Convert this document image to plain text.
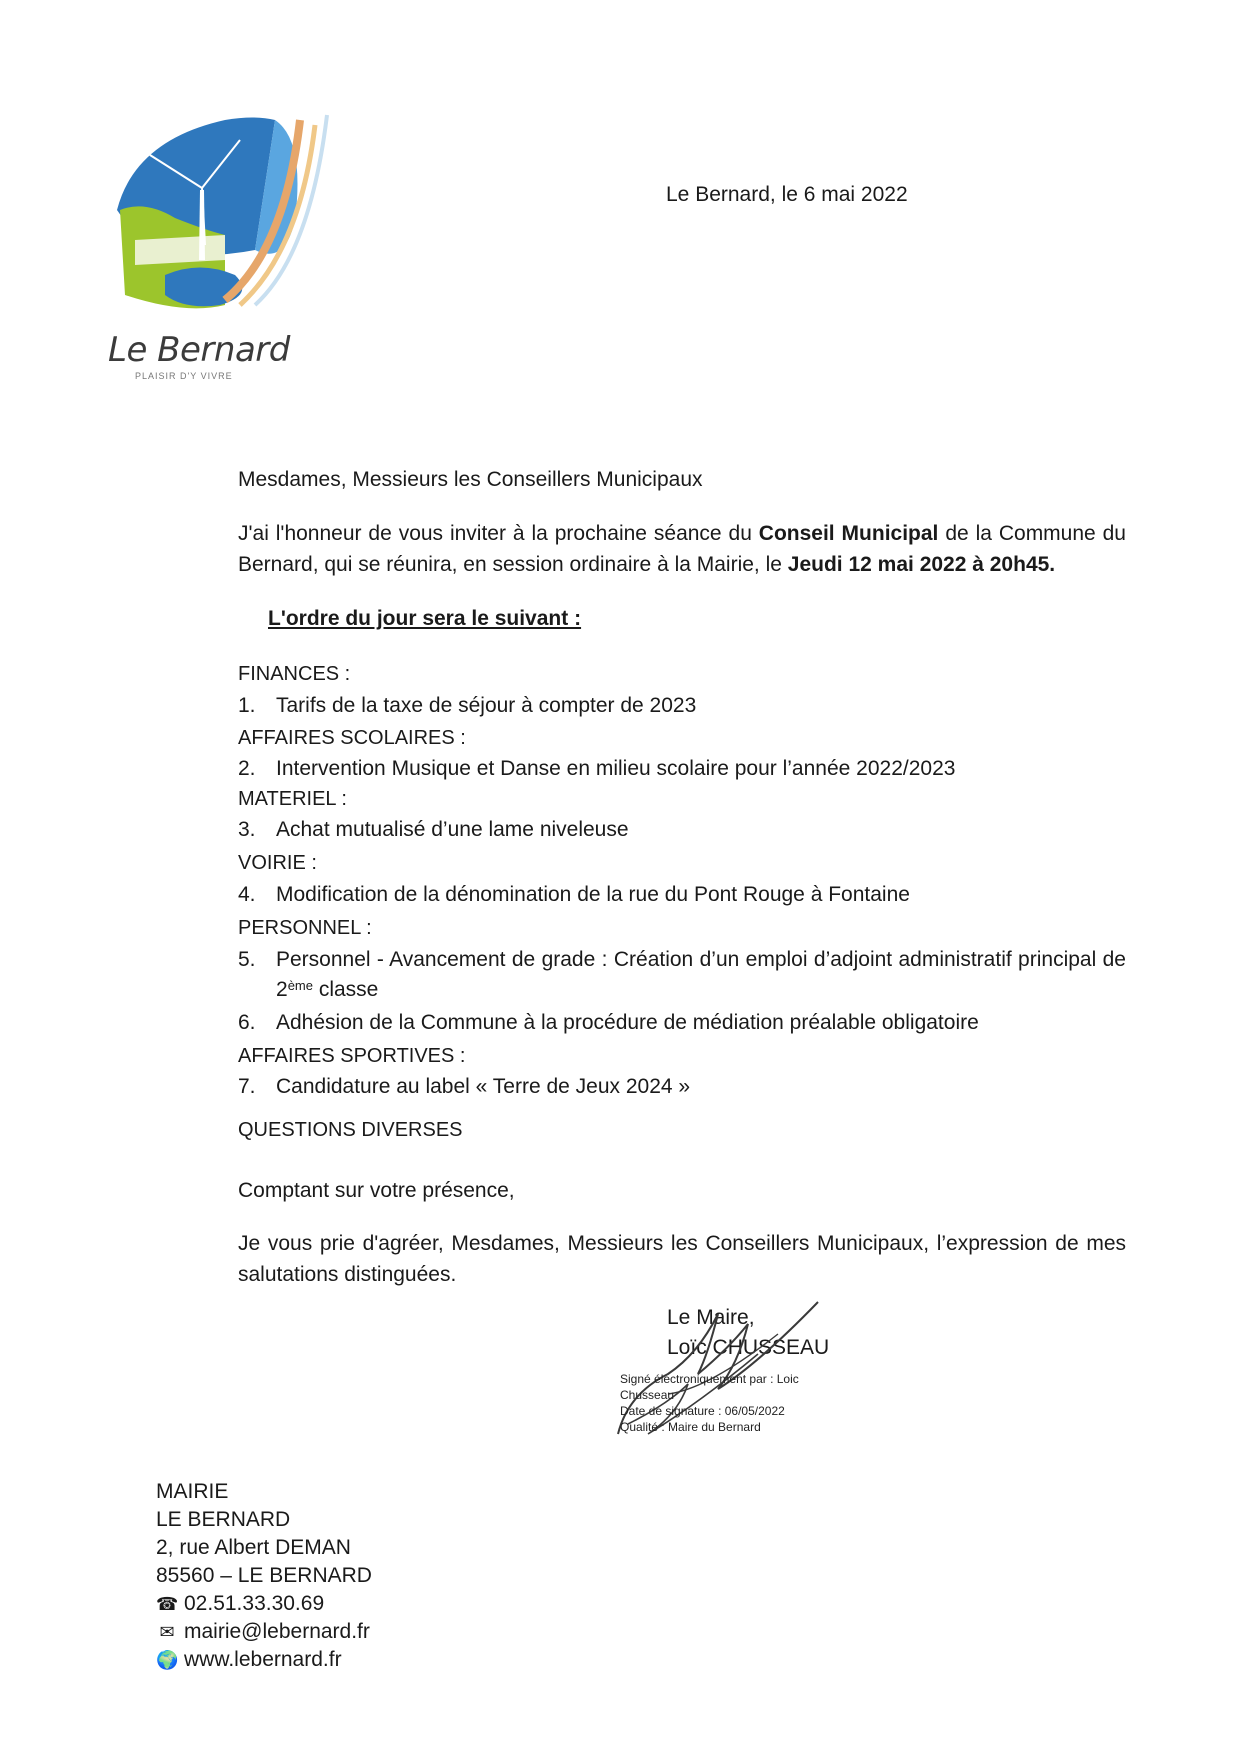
Le Bernard
PLAISIR D'Y VIVRE
Le Bernard, le 6 mai 2022
Mesdames, Messieurs les Conseillers Municipaux
J'ai l'honneur de vous inviter à la prochaine séance du Conseil Municipal de la Commune du Bernard, qui se réunira, en session ordinaire à la Mairie, le Jeudi 12 mai 2022 à 20h45.
L'ordre du jour sera le suivant :
FINANCES :
1. Tarifs de la taxe de séjour à compter de 2023
AFFAIRES SCOLAIRES :
2. Intervention Musique et Danse en milieu scolaire pour l’année 2022/2023
MATERIEL :
3. Achat mutualisé d’une lame niveleuse
VOIRIE :
4. Modification de la dénomination de la rue du Pont Rouge à Fontaine
PERSONNEL :
5. Personnel - Avancement de grade : Création d’un emploi d’adjoint administratif principal de 2ème classe
6. Adhésion de la Commune à la procédure de médiation préalable obligatoire
AFFAIRES SPORTIVES :
7. Candidature au label « Terre de Jeux 2024 »
QUESTIONS DIVERSES
Comptant sur votre présence,
Je vous prie d'agréer, Mesdames, Messieurs les Conseillers Municipaux, l’expression de mes salutations distinguées.
Le Maire,
Loïc CHUSSEAU
Signé électroniquement par : Loic Chusseau
Date de signature : 06/05/2022
Qualité : Maire du Bernard
MAIRIE
LE BERNARD
2, rue Albert DEMAN
85560 – LE BERNARD
☎ 02.51.33.30.69
✉ mairie@lebernard.fr
🌍 www.lebernard.fr
